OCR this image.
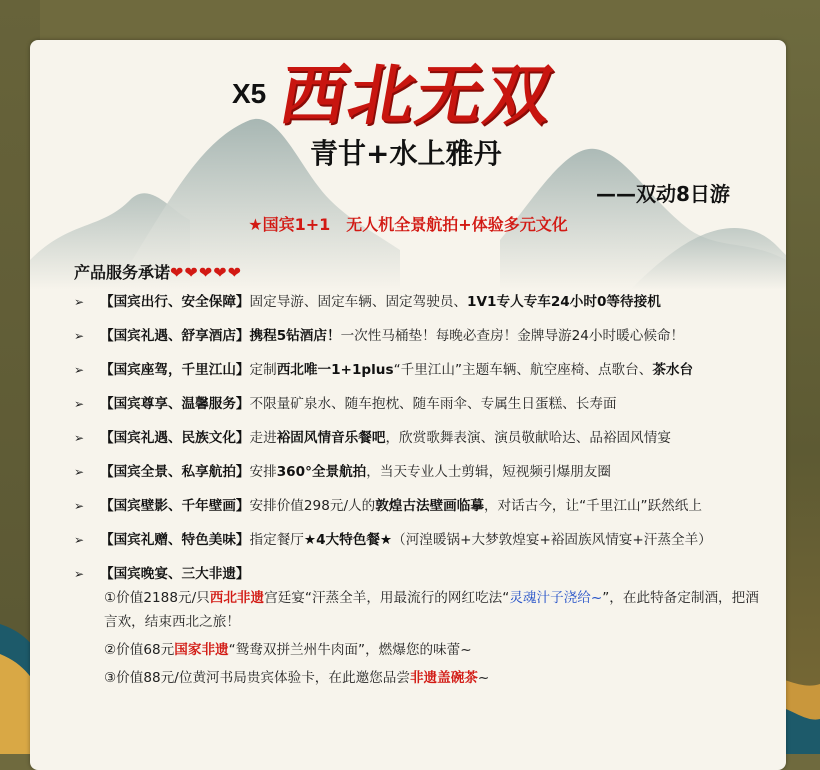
X5 西北无双
青甘+水上雅丹
——双动8日游
★国宾1+1　无人机全景航拍+体验多元文化
产品服务承诺❤❤❤❤❤
➢ 【国宾出行、安全保障】固定导游、固定车辆、固定驾驶员、1V1专人专车24小时0等待接机
➢ 【国宾礼遇、舒享酒店】携程5钻酒店！一次性马桶垫！每晚必查房！金牌导游24小时暖心候命！
➢ 【国宾座驾，千里江山】定制西北唯一1+1plus“千里江山”主题车辆、航空座椅、点歌台、茶水台
➢ 【国宾尊享、温馨服务】不限量矿泉水、随车抱枕、随车雨伞、专属生日蛋糕、长寿面
➢ 【国宾礼遇、民族文化】走进裕固风情音乐餐吧，欣赏歌舞表演、演员敬献哈达、品裕固风情宴
➢ 【国宾全景、私享航拍】安排360°全景航拍，当天专业人士剪辑，短视频引爆朋友圈
➢ 【国宾壁影、千年壁画】安排价值298元/人的敦煌古法壁画临摹，对话古今，让“千里江山”跃然纸上
➢ 【国宾礼赠、特色美味】指定餐厅★4大特色餐★（河湟暖锅+大梦敦煌宴+裕固族风情宴+汗蒸全羊）
➢ 【国宾晚宴、三大非遗】
①价值2188元/只西北非遗宫廷宴“汗蒸全羊，用最流行的网红吃法“灵魂汁子浇给~”，在此特备定制酒，把酒言欢，结束西北之旅！
②价值68元国家非遗“鸳鸯双拼兰州牛肉面”，燃爆您的味蕾~
③价值88元/位黄河书局贵宾体验卡，在此邀您品尝非遗盖碗茶~
